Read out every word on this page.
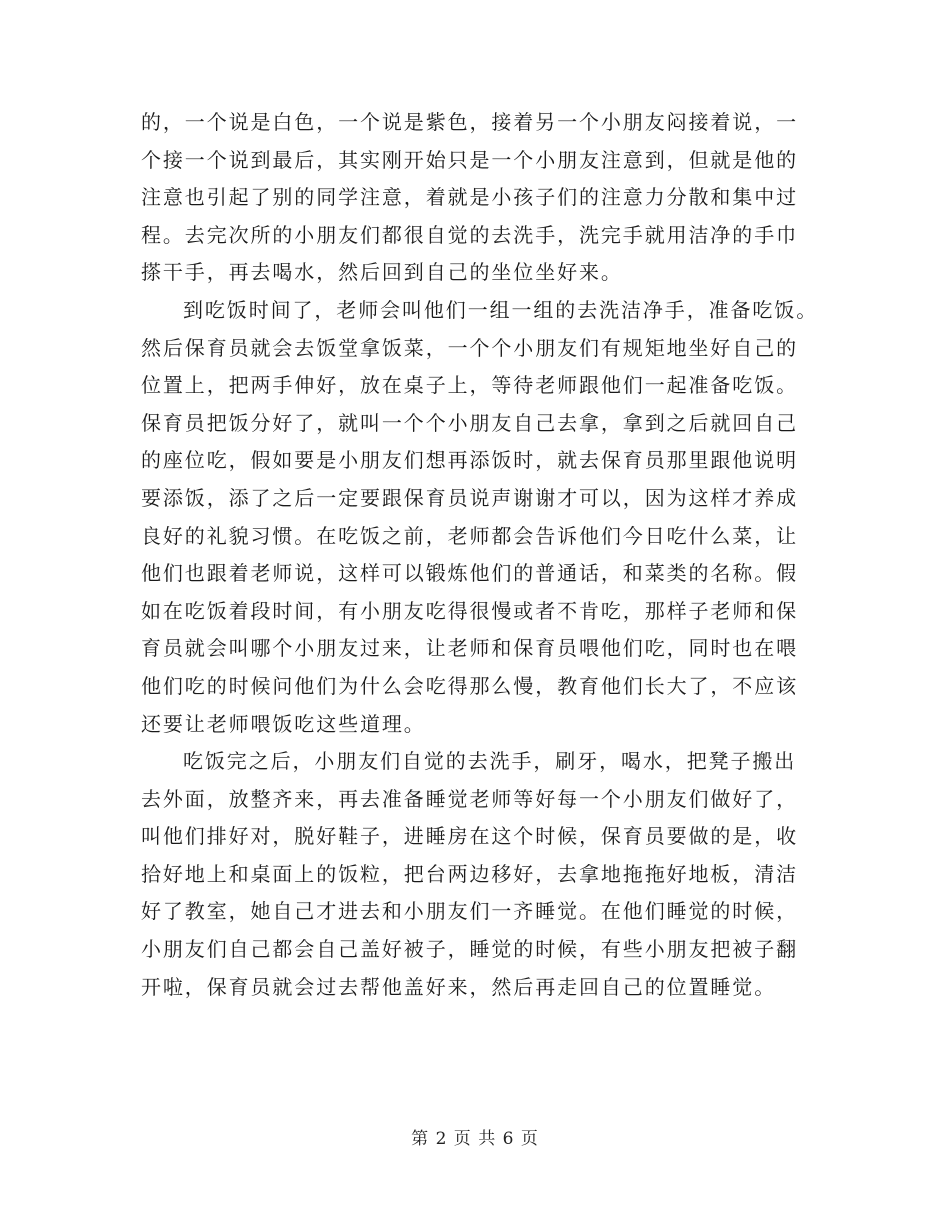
的，一个说是白色，一个说是紫色，接着另一个小朋友闷接着说，一
个接一个说到最后，其实刚开始只是一个小朋友注意到，但就是他的
注意也引起了别的同学注意，着就是小孩子们的注意力分散和集中过
程。去完次所的小朋友们都很自觉的去洗手，洗完手就用洁净的手巾
搽干手，再去喝水，然后回到自己的坐位坐好来。
到吃饭时间了，老师会叫他们一组一组的去洗洁净手，准备吃饭。
然后保育员就会去饭堂拿饭菜，一个个小朋友们有规矩地坐好自己的
位置上，把两手伸好，放在桌子上，等待老师跟他们一起准备吃饭。
保育员把饭分好了，就叫一个个小朋友自己去拿，拿到之后就回自己
的座位吃，假如要是小朋友们想再添饭时，就去保育员那里跟他说明
要添饭，添了之后一定要跟保育员说声谢谢才可以，因为这样才养成
良好的礼貌习惯。在吃饭之前，老师都会告诉他们今日吃什么菜，让
他们也跟着老师说，这样可以锻炼他们的普通话，和菜类的名称。假
如在吃饭着段时间，有小朋友吃得很慢或者不肯吃，那样子老师和保
育员就会叫哪个小朋友过来，让老师和保育员喂他们吃，同时也在喂
他们吃的时候问他们为什么会吃得那么慢，教育他们长大了，不应该
还要让老师喂饭吃这些道理。
吃饭完之后，小朋友们自觉的去洗手，刷牙，喝水，把凳子搬出
去外面，放整齐来，再去准备睡觉老师等好每一个小朋友们做好了，
叫他们排好对，脱好鞋子，进睡房在这个时候，保育员要做的是，收
拾好地上和桌面上的饭粒，把台两边移好，去拿地拖拖好地板，清洁
好了教室，她自己才进去和小朋友们一齐睡觉。在他们睡觉的时候，
小朋友们自己都会自己盖好被子，睡觉的时候，有些小朋友把被子翻
开啦，保育员就会过去帮他盖好来，然后再走回自己的位置睡觉。
第 2 页 共 6 页
